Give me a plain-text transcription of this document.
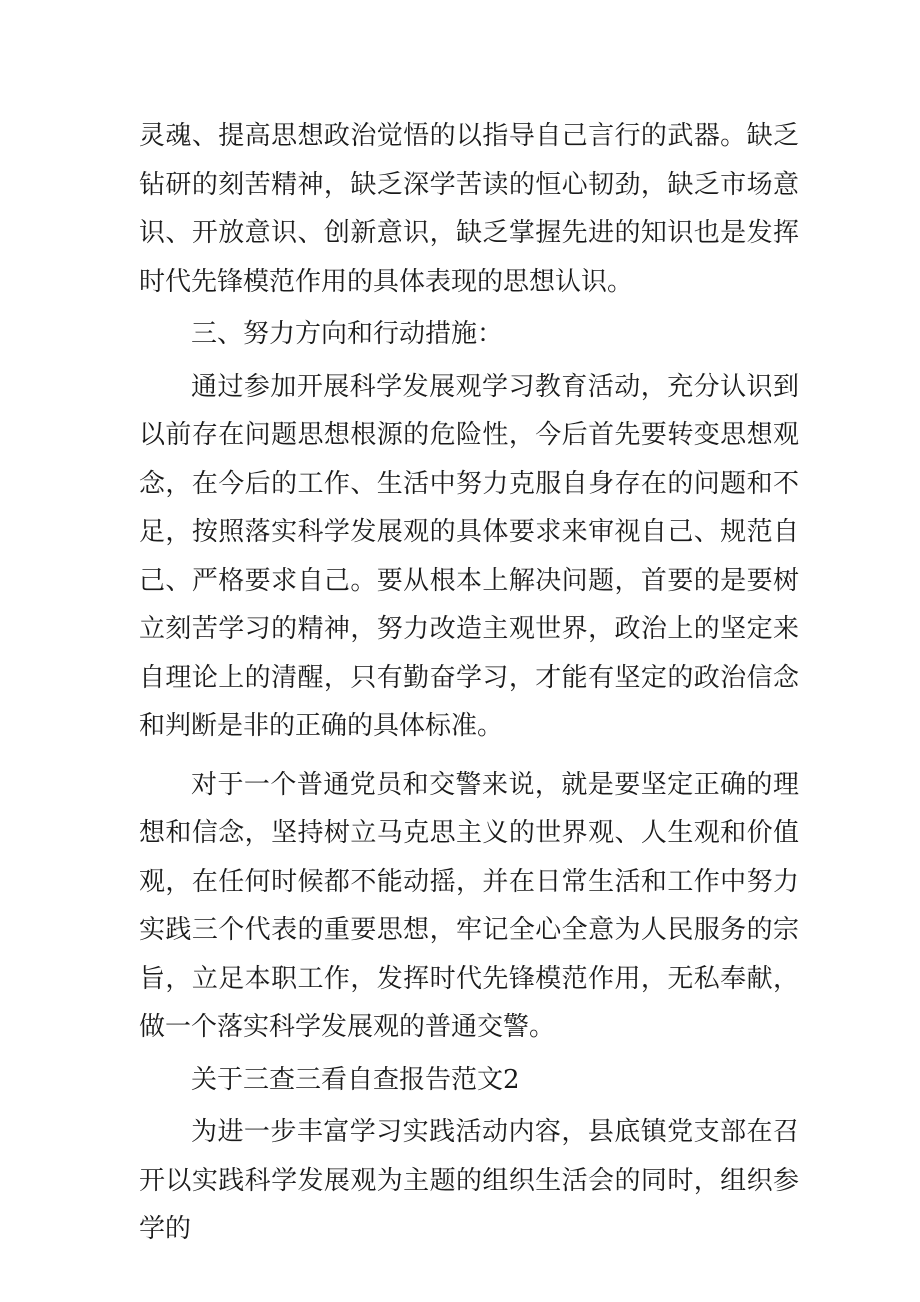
灵魂、提高思想政治觉悟的以指导自己言行的武器。缺乏钻研的刻苦精神，缺乏深学苦读的恒心韧劲，缺乏市场意识、开放意识、创新意识，缺乏掌握先进的知识也是发挥时代先锋模范作用的具体表现的思想认识。

三、努力方向和行动措施：

通过参加开展科学发展观学习教育活动，充分认识到以前存在问题思想根源的危险性，今后首先要转变思想观念，在今后的工作、生活中努力克服自身存在的问题和不足，按照落实科学发展观的具体要求来审视自己、规范自己、严格要求自己。要从根本上解决问题，首要的是要树立刻苦学习的精神，努力改造主观世界，政治上的坚定来自理论上的清醒，只有勤奋学习，才能有坚定的政治信念和判断是非的正确的具体标准。

对于一个普通党员和交警来说，就是要坚定正确的理想和信念，坚持树立马克思主义的世界观、人生观和价值观，在任何时候都不能动摇，并在日常生活和工作中努力实践三个代表的重要思想，牢记全心全意为人民服务的宗旨，立足本职工作，发挥时代先锋模范作用，无私奉献，做一个落实科学发展观的普通交警。

关于三查三看自查报告范文2

为进一步丰富学习实践活动内容，县底镇党支部在召开以实践科学发展观为主题的组织生活会的同时，组织参学的
